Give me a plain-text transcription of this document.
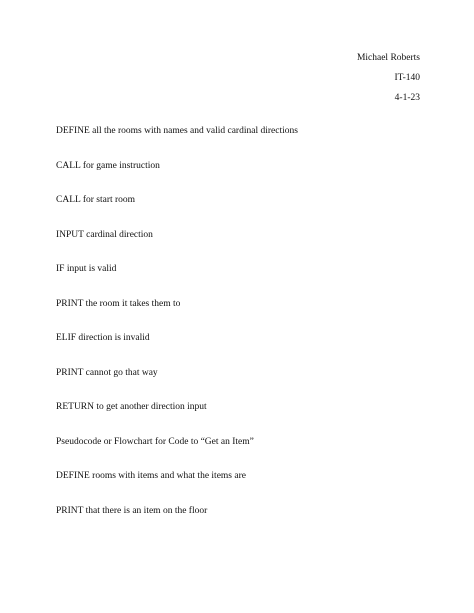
Michael Roberts
IT-140
4-1-23
DEFINE all the rooms with names and valid cardinal directions
CALL for game instruction
CALL for start room
INPUT cardinal direction
IF input is valid
PRINT the room it takes them to
ELIF direction is invalid
PRINT cannot go that way
RETURN to get another direction input
Pseudocode or Flowchart for Code to “Get an Item”
DEFINE rooms with items and what the items are
PRINT that there is an item on the floor
